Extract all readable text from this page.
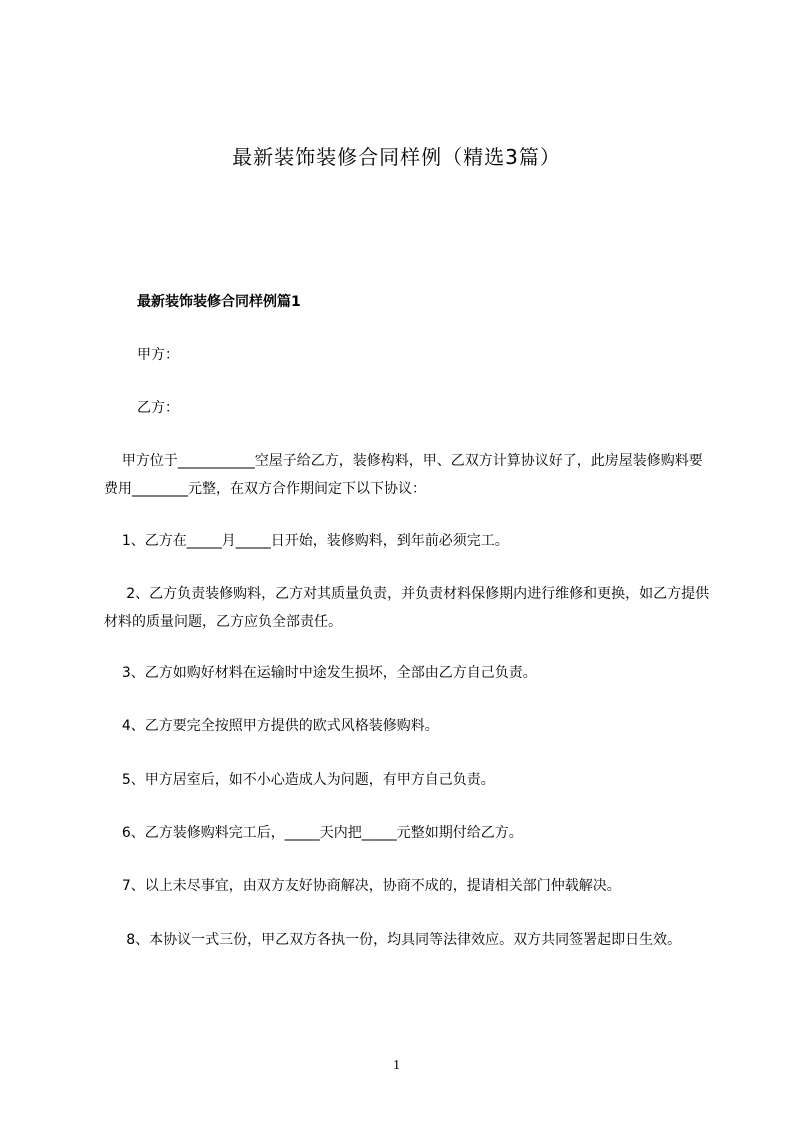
最新装饰装修合同样例（精选3篇）
最新装饰装修合同样例篇1

甲方：

乙方：

甲方位于___________空屋子给乙方，装修构料，甲、乙双方计算协议好了，此房屋装修购料要费用________元整，在双方合作期间定下以下协议：

1、乙方在_____月_____日开始，装修购料，到年前必须完工。

2、乙方负责装修购料，乙方对其质量负责，并负责材料保修期内进行维修和更换，如乙方提供材料的质量问题，乙方应负全部责任。

3、乙方如购好材料在运输时中途发生损坏，全部由乙方自己负责。

4、乙方要完全按照甲方提供的欧式风格装修购料。

5、甲方居室后，如不小心造成人为问题，有甲方自己负责。

6、乙方装修购料完工后，_____天内把_____元整如期付给乙方。

7、以上未尽事宜，由双方友好协商解决，协商不成的，提请相关部门仲载解决。

8、本协议一式三份，甲乙双方各执一份，均具同等法律效应。双方共同签署起即日生效。

1
